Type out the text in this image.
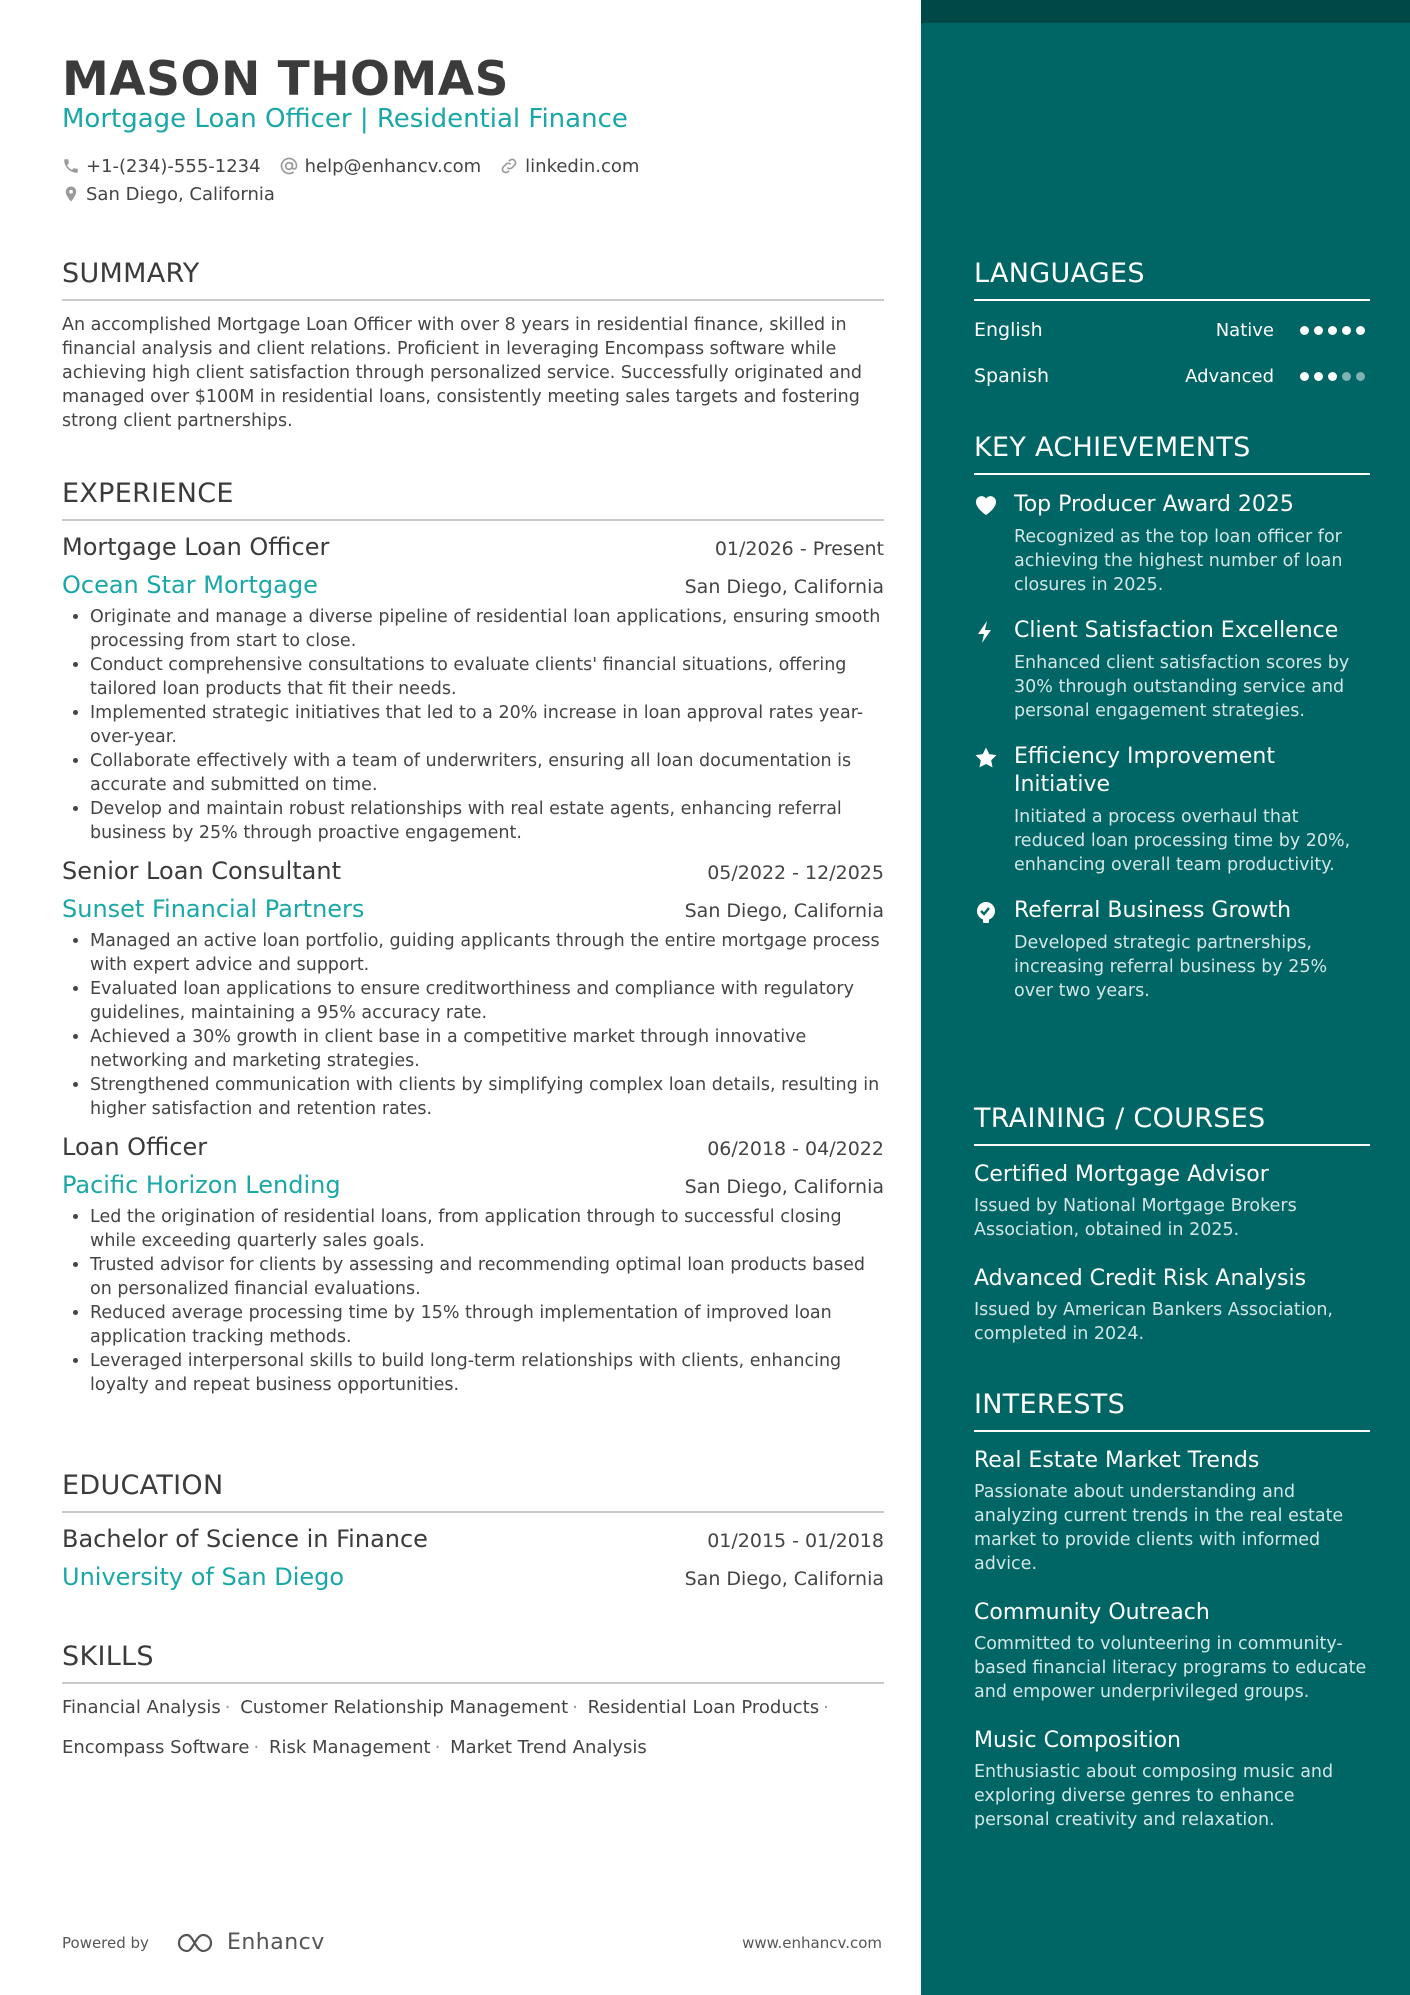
MASON THOMAS
Mortgage Loan Officer | Residential Finance
+1-(234)-555-1234 help@enhancv.com linkedin.com
San Diego, California
SUMMARY
An accomplished Mortgage Loan Officer with over 8 years in residential finance, skilled in financial analysis and client relations. Proficient in leveraging Encompass software while achieving high client satisfaction through personalized service. Successfully originated and managed over $100M in residential loans, consistently meeting sales targets and fostering strong client partnerships.
EXPERIENCE
Mortgage Loan Officer	01/2026 - Present
Ocean Star Mortgage	San Diego, California
• Originate and manage a diverse pipeline of residential loan applications, ensuring smooth processing from start to close.
• Conduct comprehensive consultations to evaluate clients' financial situations, offering tailored loan products that fit their needs.
• Implemented strategic initiatives that led to a 20% increase in loan approval rates year-over-year.
• Collaborate effectively with a team of underwriters, ensuring all loan documentation is accurate and submitted on time.
• Develop and maintain robust relationships with real estate agents, enhancing referral business by 25% through proactive engagement.
Senior Loan Consultant	05/2022 - 12/2025
Sunset Financial Partners	San Diego, California
• Managed an active loan portfolio, guiding applicants through the entire mortgage process with expert advice and support.
• Evaluated loan applications to ensure creditworthiness and compliance with regulatory guidelines, maintaining a 95% accuracy rate.
• Achieved a 30% growth in client base in a competitive market through innovative networking and marketing strategies.
• Strengthened communication with clients by simplifying complex loan details, resulting in higher satisfaction and retention rates.
Loan Officer	06/2018 - 04/2022
Pacific Horizon Lending	San Diego, California
• Led the origination of residential loans, from application through to successful closing while exceeding quarterly sales goals.
• Trusted advisor for clients by assessing and recommending optimal loan products based on personalized financial evaluations.
• Reduced average processing time by 15% through implementation of improved loan application tracking methods.
• Leveraged interpersonal skills to build long-term relationships with clients, enhancing loyalty and repeat business opportunities.
EDUCATION
Bachelor of Science in Finance	01/2015 - 01/2018
University of San Diego	San Diego, California
SKILLS
Financial Analysis · Customer Relationship Management · Residential Loan Products ·
Encompass Software · Risk Management · Market Trend Analysis
Powered by	Enhancv	www.enhancv.com
LANGUAGES
English	Native
Spanish	Advanced
KEY ACHIEVEMENTS
Top Producer Award 2025
Recognized as the top loan officer for achieving the highest number of loan closures in 2025.
Client Satisfaction Excellence
Enhanced client satisfaction scores by 30% through outstanding service and personal engagement strategies.
Efficiency Improvement Initiative
Initiated a process overhaul that reduced loan processing time by 20%, enhancing overall team productivity.
Referral Business Growth
Developed strategic partnerships, increasing referral business by 25% over two years.
TRAINING / COURSES
Certified Mortgage Advisor
Issued by National Mortgage Brokers Association, obtained in 2025.
Advanced Credit Risk Analysis
Issued by American Bankers Association, completed in 2024.
INTERESTS
Real Estate Market Trends
Passionate about understanding and analyzing current trends in the real estate market to provide clients with informed advice.
Community Outreach
Committed to volunteering in community-based financial literacy programs to educate and empower underprivileged groups.
Music Composition
Enthusiastic about composing music and exploring diverse genres to enhance personal creativity and relaxation.
